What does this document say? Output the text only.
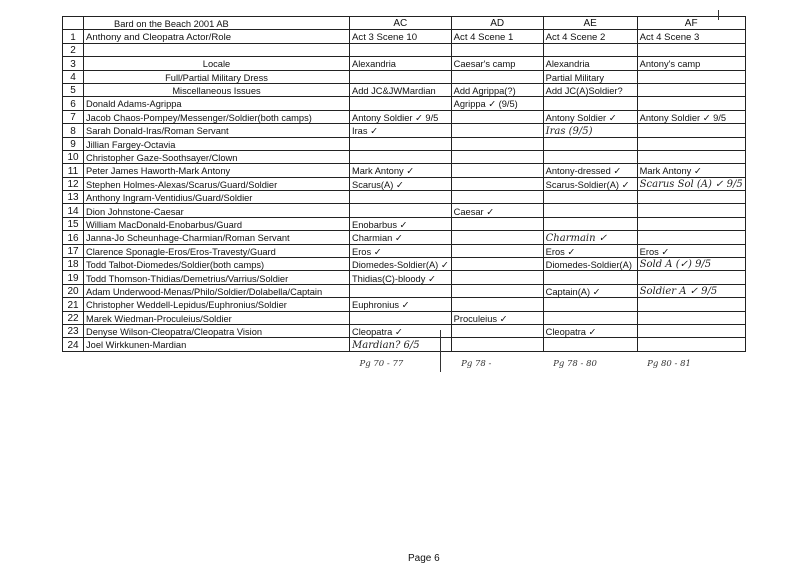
	Bard on the Beach 2001 AB	AC	AD	AE	AF
1	Anthony and Cleopatra Actor/Role	Act 3 Scene 10	Act 4 Scene 1	Act 4 Scene 2	Act 4 Scene 3
2					
3	Locale	Alexandria	Caesar's camp	Alexandria	Antony's camp
4	Full/Partial Military Dress			Partial Military	
5	Miscellaneous Issues	Add JC&JWMardian	Add Agrippa(?)	Add JC(A)Soldier?	
6	Donald Adams-Agrippa		Agrippa ✓ (9/5)		
7	Jacob Chaos-Pompey/Messenger/Soldier(both camps)	Antony Soldier ✓ 9/5		Antony Soldier ✓	Antony Soldier ✓ 9/5
8	Sarah Donald-Iras/Roman Servant	Iras ✓		Iras (9/5)	
9	Jillian Fargey-Octavia				
10	Christopher Gaze-Soothsayer/Clown				
11	Peter James Haworth-Mark Antony	Mark Antony ✓		Antony-dressed ✓	Mark Antony ✓
12	Stephen Holmes-Alexas/Scarus/Guard/Soldier	Scarus(A) ✓		Scarus-Soldier(A) ✓	Scarus Sol (A) ✓ 9/5
13	Anthony Ingram-Ventidius/Guard/Soldier				
14	Dion Johnstone-Caesar		Caesar ✓		
15	William MacDonald-Enobarbus/Guard	Enobarbus ✓			
16	Janna-Jo Scheunhage-Charmian/Roman Servant	Charmian ✓		Charmain ✓	
17	Clarence Sponagle-Eros/Eros-Travesty/Guard	Eros ✓		Eros ✓	Eros ✓
18	Todd Talbot-Diomedes/Soldier(both camps)	Diomedes-Soldier(A) ✓		Diomedes-Soldier(A)	Sold A (✓) 9/5
19	Todd Thomson-Thidias/Demetrius/Varrius/Soldier	Thidias(C)-bloody ✓			
20	Adam Underwood-Menas/Philo/Soldier/Dolabella/Captain			Captain(A) ✓	Soldier A ✓ 9/5
21	Christopher Weddell-Lepidus/Euphronius/Soldier	Euphronius ✓			
22	Marek Wiedman-Proculeius/Soldier		Proculeius ✓		
23	Denyse Wilson-Cleopatra/Cleopatra Vision	Cleopatra ✓		Cleopatra ✓	
24	Joel Wirkkunen-Mardian	Mardian? 6/5			
		Pg 70 - 77	Pg 78 -	Pg 78 - 80	Pg 80 - 81
Page 6
